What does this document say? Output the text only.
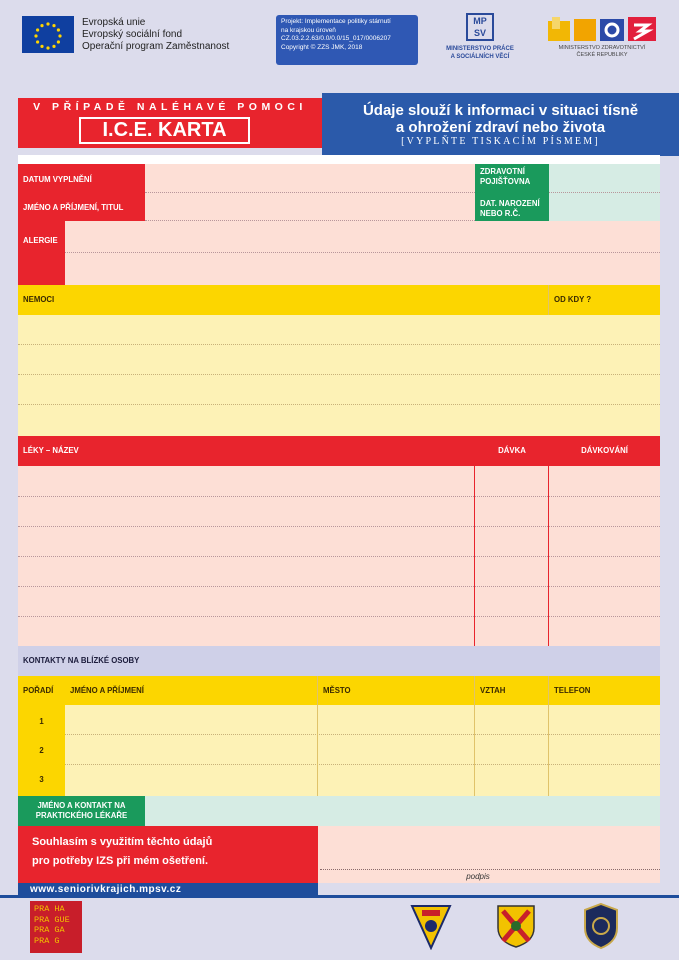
Evropská unie
Evropský sociální fond
Operační program Zaměstnanost
Projekt: Implementace politiky stárnutí
na krajskou úroveň
CZ.03.2.2.63/0.0/0.0/15_017/0006207
Copyright © ZZS JMK, 2018
MP SV
MINISTERSTVO PRÁCE
A SOCIÁLNÍCH VĚCÍ
MINISTERSTVO ZDRAVOTNICTVÍ
ČESKÉ REPUBLIKY
V PŘÍPADĚ NALÉHAVÉ POMOCI
I.C.E. KARTA
Údaje slouží k informaci v situaci tísně
a ohrožení zdraví nebo života
[VYPLŇTE TISKACÍM PÍSMEM]
DATUM VYPLNĚNÍ
JMÉNO A PŘÍJMENÍ, TITUL
ZDRAVOTNÍ POJIŠŤOVNA
DAT. NAROZENÍ NEBO R.Č.
ALERGIE
NEMOCI	OD KDY ?
LÉKY – NÁZEV	DÁVKA	DÁVKOVÁNÍ
KONTAKTY NA BLÍZKÉ OSOBY
POŘADÍ	JMÉNO A PŘÍJMENÍ	MĚSTO	VZTAH	TELEFON
1
2
3
JMÉNO A KONTAKT NA PRAKTICKÉHO LÉKAŘE
Souhlasím s využitím těchto údajů
pro potřeby IZS při mém ošetření.
podpis
www.seniorivkrajich.mpsv.cz
PRA HA
PRA GUE
PRA GA
PRA G
